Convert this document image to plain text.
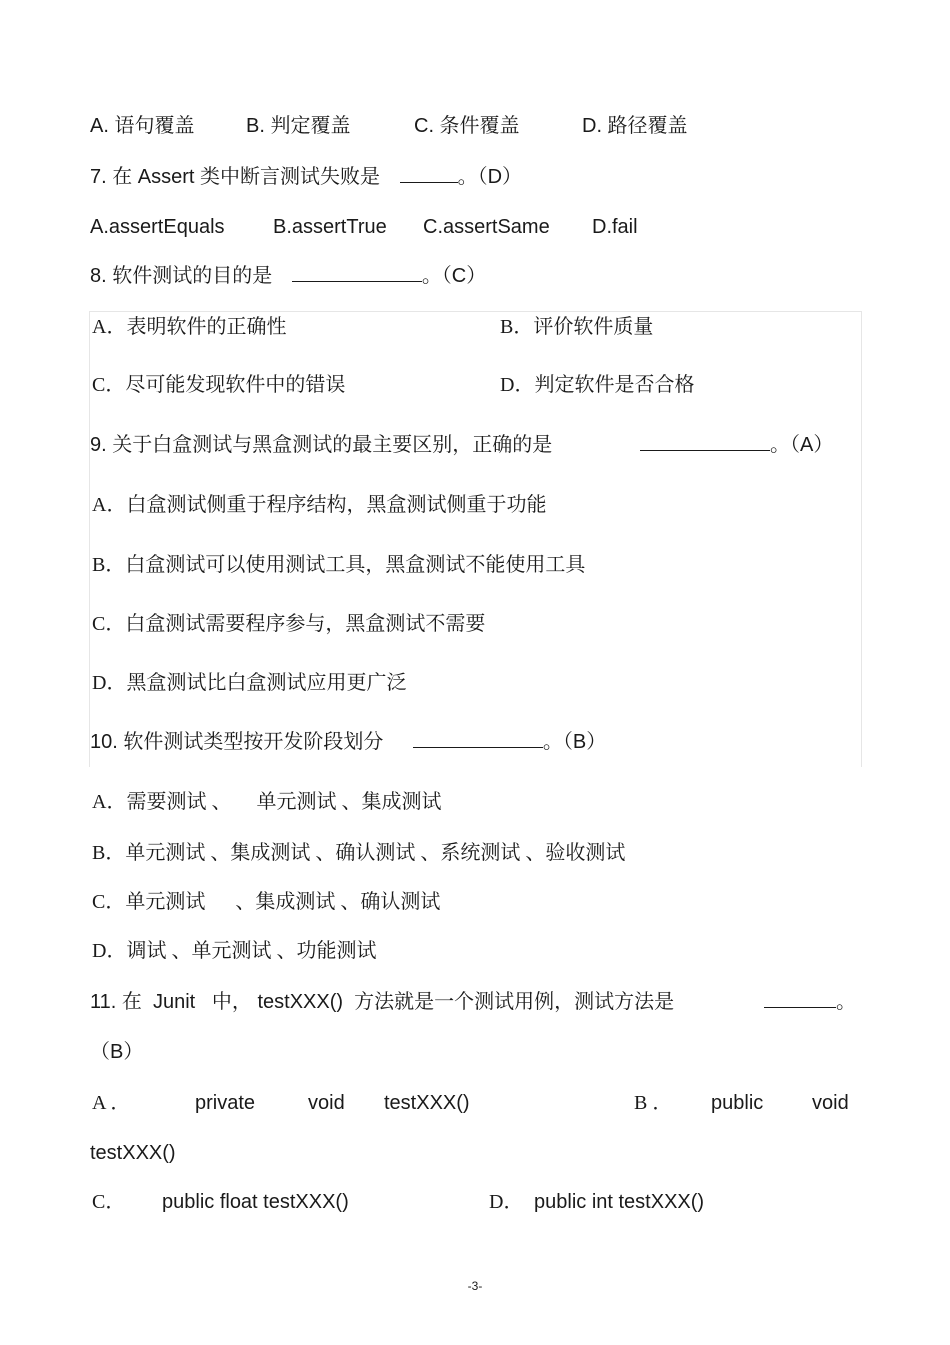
A. 语句覆盖	B. 判定覆盖	C. 条件覆盖	D. 路径覆盖
7. 在 Assert 类中断言测试失败是	。（D）
A.assertEquals B.assertTrue C.assertSame D.fail
8. 软件测试的目的是	。（C）
A．表明软件的正确性	B．评价软件质量
C．尽可能发现软件中的错误	D．判定软件是否合格
9. 关于白盒测试与黑盒测试的最主要区别，正确的是	。（A）
A．白盒测试侧重于程序结构，黑盒测试侧重于功能
B．白盒测试可以使用测试工具，黑盒测试不能使用工具
C．白盒测试需要程序参与，黑盒测试不需要
D．黑盒测试比白盒测试应用更广泛
10. 软件测试类型按开发阶段划分	。（B）
A．需要测试 、     单元测试 、集成测试
B．单元测试 、集成测试 、确认测试 、系统测试 、验收测试
C．单元测试      、集成测试 、确认测试
D．调试 、单元测试 、功能测试
11. 在  Junit   中， testXXX()  方法就是一个测试用例，测试方法是	。
（B）
A ．	private	void testXXX()	B ． public void
testXXX()
C． public float testXXX()	D． public int testXXX()
-3-
